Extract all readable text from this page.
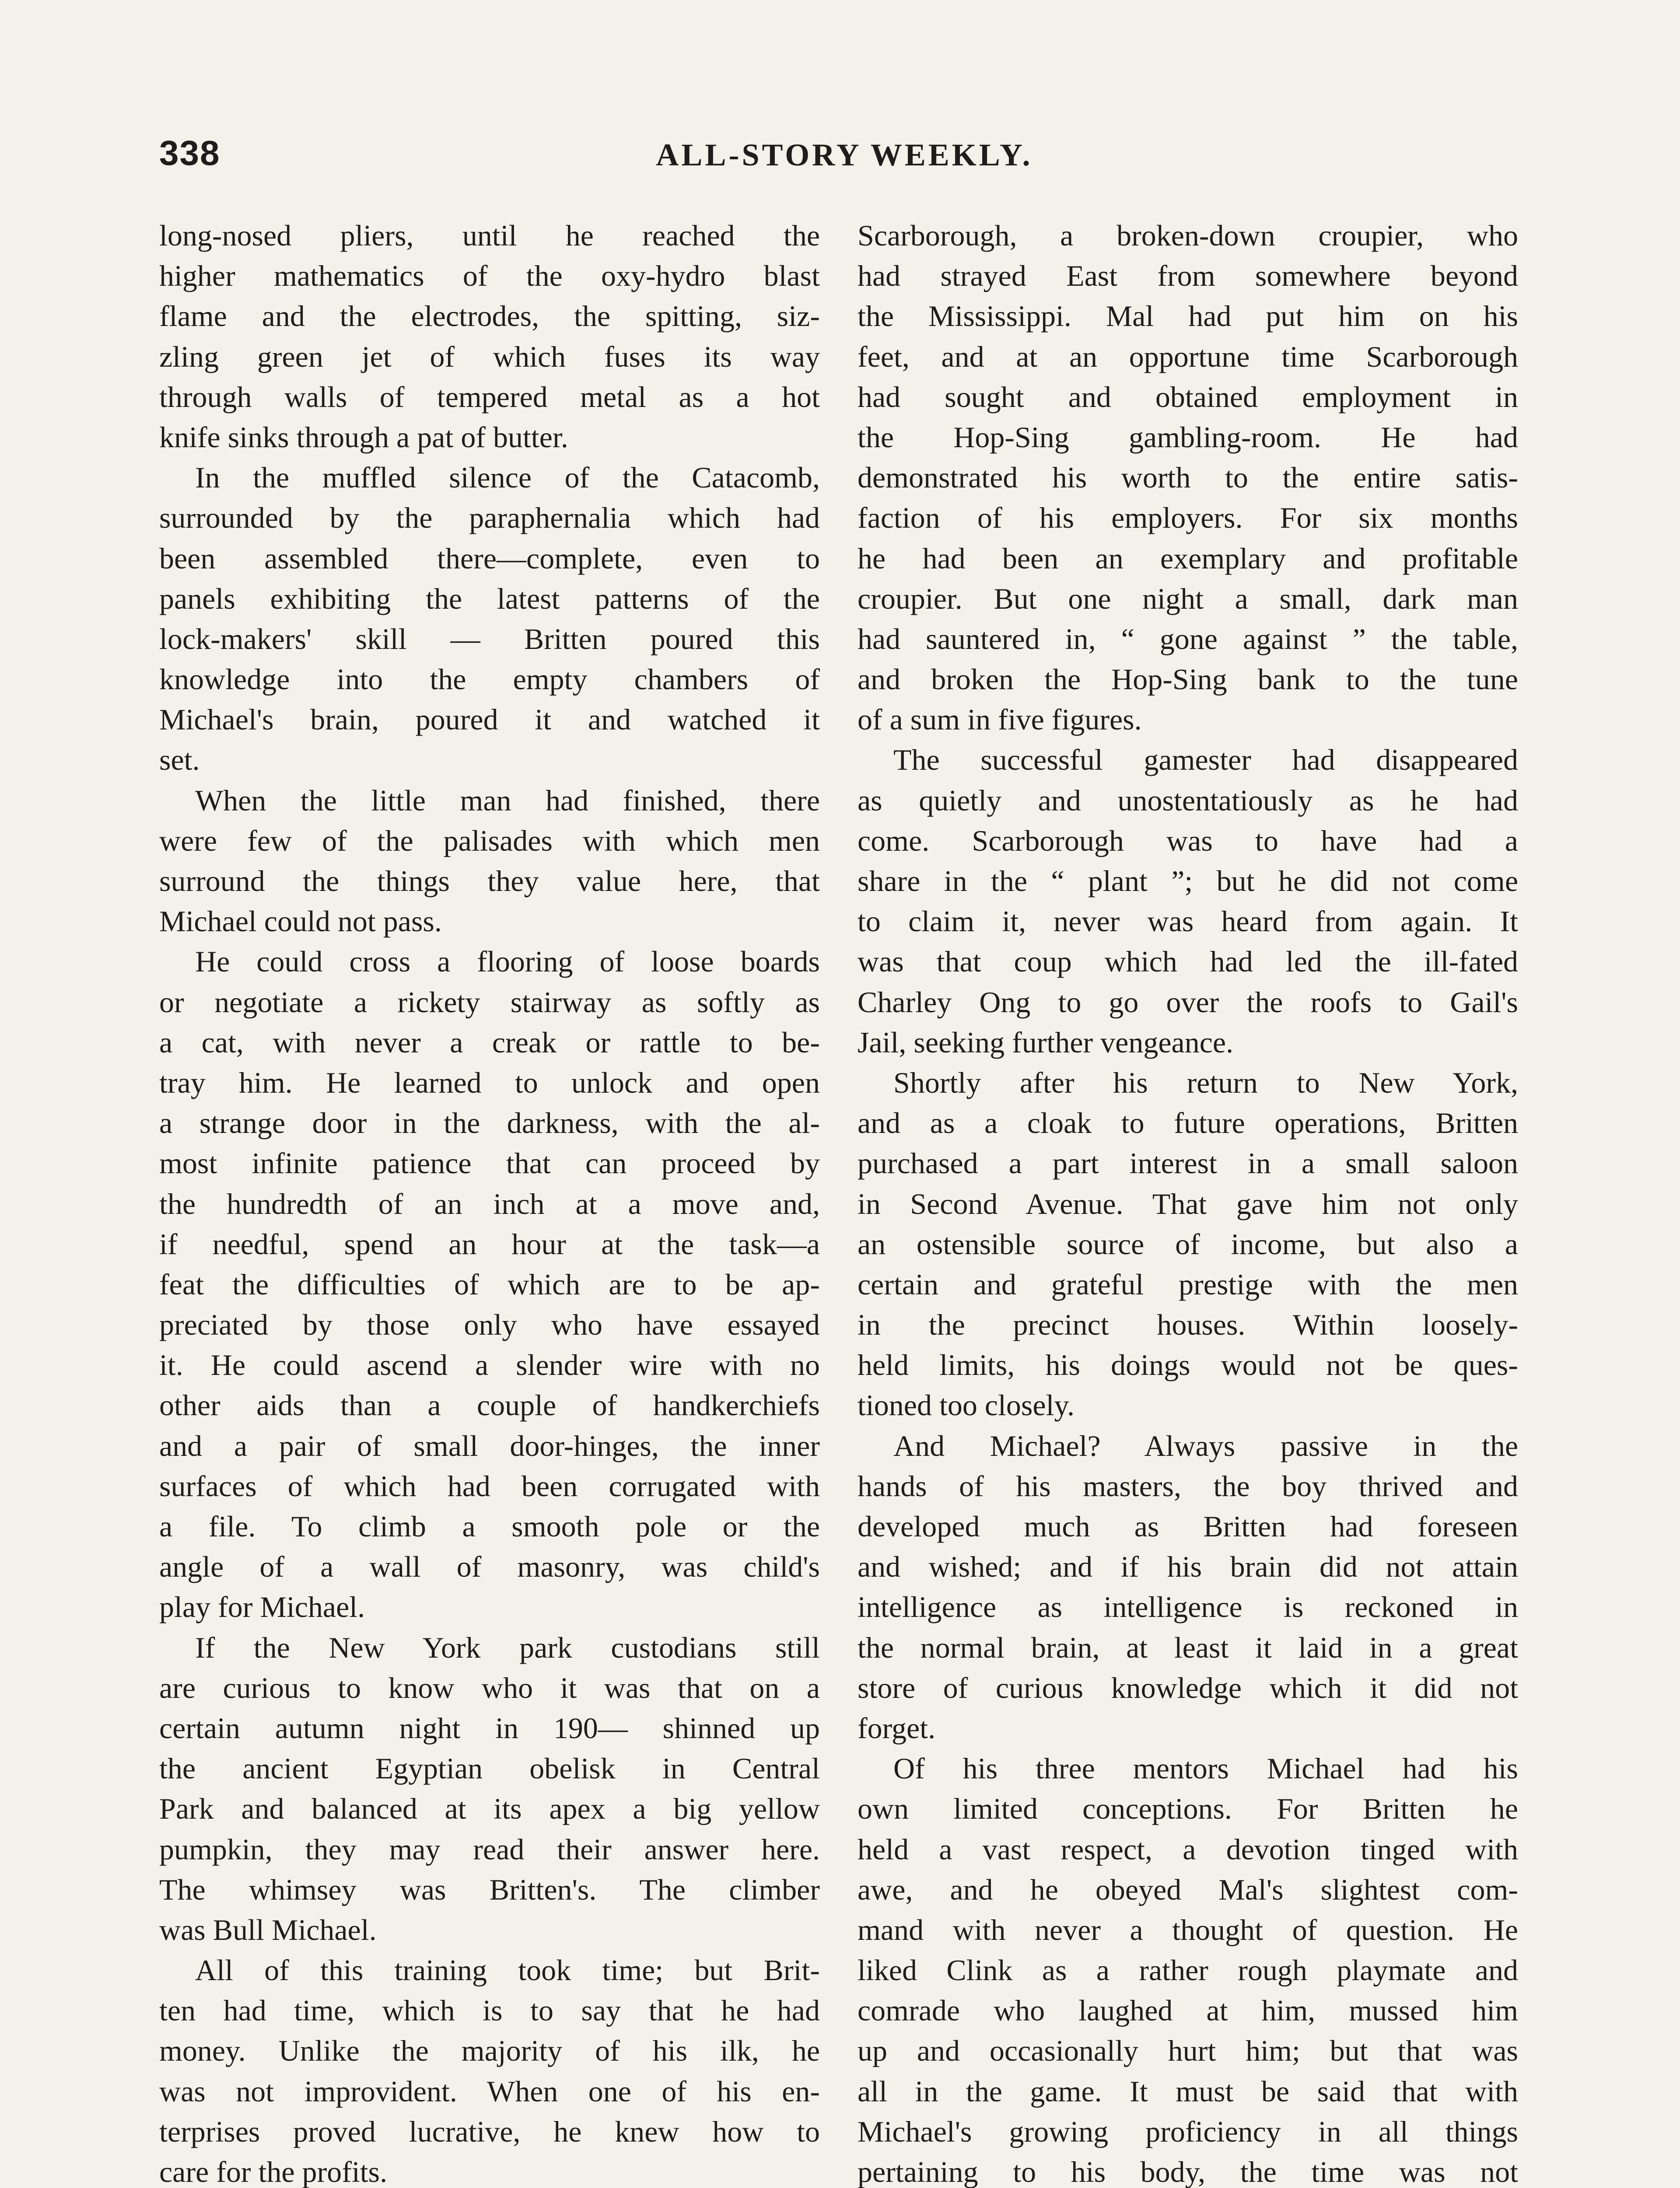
338	ALL-STORY WEEKLY.
long-nosed pliers, until he reached the
higher mathematics of the oxy-hydro blast
flame and the electrodes, the spitting, siz-
zling green jet of which fuses its way
through walls of tempered metal as a hot
knife sinks through a pat of butter.
In the muffled silence of the Catacomb,
surrounded by the paraphernalia which had
been assembled there—complete, even to
panels exhibiting the latest patterns of the
lock-makers' skill — Britten poured this
knowledge into the empty chambers of
Michael's brain, poured it and watched it
set.
When the little man had finished, there
were few of the palisades with which men
surround the things they value here, that
Michael could not pass.
He could cross a flooring of loose boards
or negotiate a rickety stairway as softly as
a cat, with never a creak or rattle to be-
tray him. He learned to unlock and open
a strange door in the darkness, with the al-
most infinite patience that can proceed by
the hundredth of an inch at a move and,
if needful, spend an hour at the task—a
feat the difficulties of which are to be ap-
preciated by those only who have essayed
it. He could ascend a slender wire with no
other aids than a couple of handkerchiefs
and a pair of small door-hinges, the inner
surfaces of which had been corrugated with
a file. To climb a smooth pole or the
angle of a wall of masonry, was child's
play for Michael.
If the New York park custodians still
are curious to know who it was that on a
certain autumn night in 190— shinned up
the ancient Egyptian obelisk in Central
Park and balanced at its apex a big yellow
pumpkin, they may read their answer here.
The whimsey was Britten's. The climber
was Bull Michael.
All of this training took time; but Brit-
ten had time, which is to say that he had
money. Unlike the majority of his ilk, he
was not improvident. When one of his en-
terprises proved lucrative, he knew how to
care for the profits.
Scarborough, a broken-down croupier, who
had strayed East from somewhere beyond
the Mississippi. Mal had put him on his
feet, and at an opportune time Scarborough
had sought and obtained employment in
the Hop-Sing gambling-room. He had
demonstrated his worth to the entire satis-
faction of his employers. For six months
he had been an exemplary and profitable
croupier. But one night a small, dark man
had sauntered in, “ gone against ” the table,
and broken the Hop-Sing bank to the tune
of a sum in five figures.
The successful gamester had disappeared
as quietly and unostentatiously as he had
come. Scarborough was to have had a
share in the “ plant ”; but he did not come
to claim it, never was heard from again. It
was that coup which had led the ill-fated
Charley Ong to go over the roofs to Gail's
Jail, seeking further vengeance.
Shortly after his return to New York,
and as a cloak to future operations, Britten
purchased a part interest in a small saloon
in Second Avenue. That gave him not only
an ostensible source of income, but also a
certain and grateful prestige with the men
in the precinct houses. Within loosely-
held limits, his doings would not be ques-
tioned too closely.
And Michael? Always passive in the
hands of his masters, the boy thrived and
developed much as Britten had foreseen
and wished; and if his brain did not attain
intelligence as intelligence is reckoned in
the normal brain, at least it laid in a great
store of curious knowledge which it did not
forget.
Of his three mentors Michael had his
own limited conceptions. For Britten he
held a vast respect, a devotion tinged with
awe, and he obeyed Mal's slightest com-
mand with never a thought of question. He
liked Clink as a rather rough playmate and
comrade who laughed at him, mussed him
up and occasionally hurt him; but that was
all in the game. It must be said that with
Michael's growing proficiency in all things
pertaining to his body, the time was not
